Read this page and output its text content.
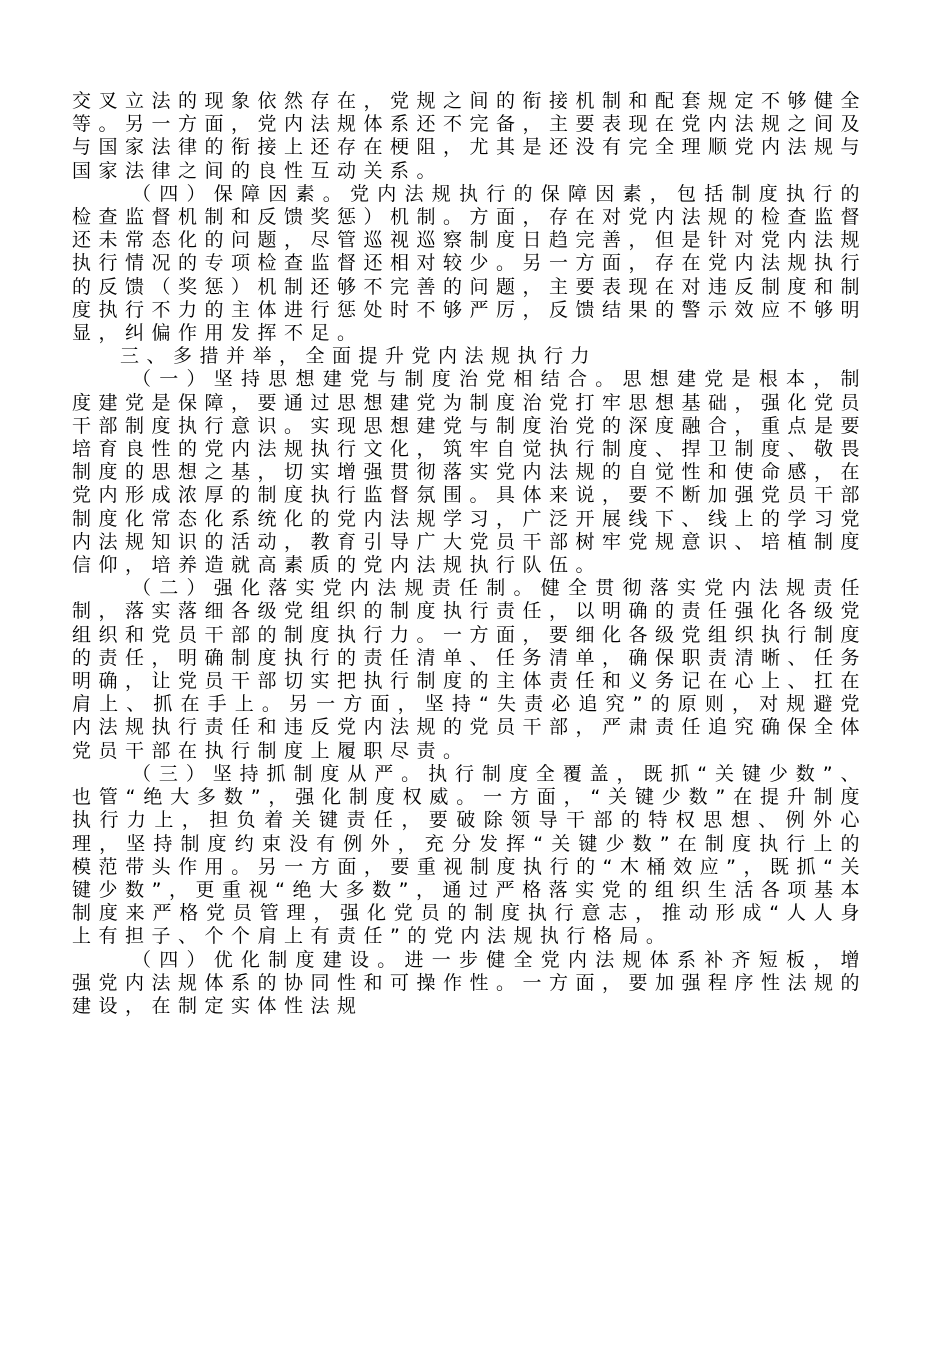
交叉立法的现象依然存在，党规之间的衔接机制和配套规定不够健全等。另一方面，党内法规体系还不完备，主要表现在党内法规之间及与国家法律的衔接上还存在梗阻，尤其是还没有完全理顺党内法规与国家法律之间的良性互动关系。

（四）保障因素。党内法规执行的保障因素，包括制度执行的检查监督机制和反馈奖惩）机制。方面，存在对党内法规的检查监督还未常态化的问题，尽管巡视巡察制度日趋完善，但是针对党内法规执行情况的专项检查监督还相对较少。另一方面，存在党内法规执行的反馈（奖惩）机制还够不完善的问题，主要表现在对违反制度和制度执行不力的主体进行惩处时不够严厉，反馈结果的警示效应不够明显，纠偏作用发挥不足。

三、多措并举，全面提升党内法规执行力

（一）坚持思想建党与制度治党相结合。思想建党是根本，制度建党是保障，要通过思想建党为制度治党打牢思想基础，强化党员干部制度执行意识。实现思想建党与制度治党的深度融合，重点是要培育良性的党内法规执行文化，筑牢自觉执行制度、捍卫制度、敬畏制度的思想之基，切实增强贯彻落实党内法规的自觉性和使命感，在党内形成浓厚的制度执行监督氛围。具体来说，要不断加强党员干部制度化常态化系统化的党内法规学习，广泛开展线下、线上的学习党内法规知识的活动，教育引导广大党员干部树牢党规意识、培植制度信仰，培养造就高素质的党内法规执行队伍。

（二）强化落实党内法规责任制。健全贯彻落实党内法规责任制，落实落细各级党组织的制度执行责任，以明确的责任强化各级党组织和党员干部的制度执行力。一方面，要细化各级党组织执行制度的责任，明确制度执行的责任清单、任务清单，确保职责清晰、任务明确，让党员干部切实把执行制度的主体责任和义务记在心上、扛在肩上、抓在手上。另一方面，坚持“失责必追究”的原则，对规避党内法规执行责任和违反党内法规的党员干部，严肃责任追究确保全体党员干部在执行制度上履职尽责。

（三）坚持抓制度从严。执行制度全覆盖，既抓“关键少数”、也管“绝大多数”，强化制度权威。一方面，“关键少数”在提升制度执行力上，担负着关键责任，要破除领导干部的特权思想、例外心理，坚持制度约束没有例外，充分发挥“关键少数”在制度执行上的模范带头作用。另一方面，要重视制度执行的“木桶效应”，既抓“关键少数”，更重视“绝大多数”，通过严格落实党的组织生活各项基本制度来严格党员管理，强化党员的制度执行意志，推动形成“人人身上有担子、个个肩上有责任”的党内法规执行格局。

（四）优化制度建设。进一步健全党内法规体系补齐短板，增强党内法规体系的协同性和可操作性。一方面，要加强程序性法规的建设，在制定实体性法规
